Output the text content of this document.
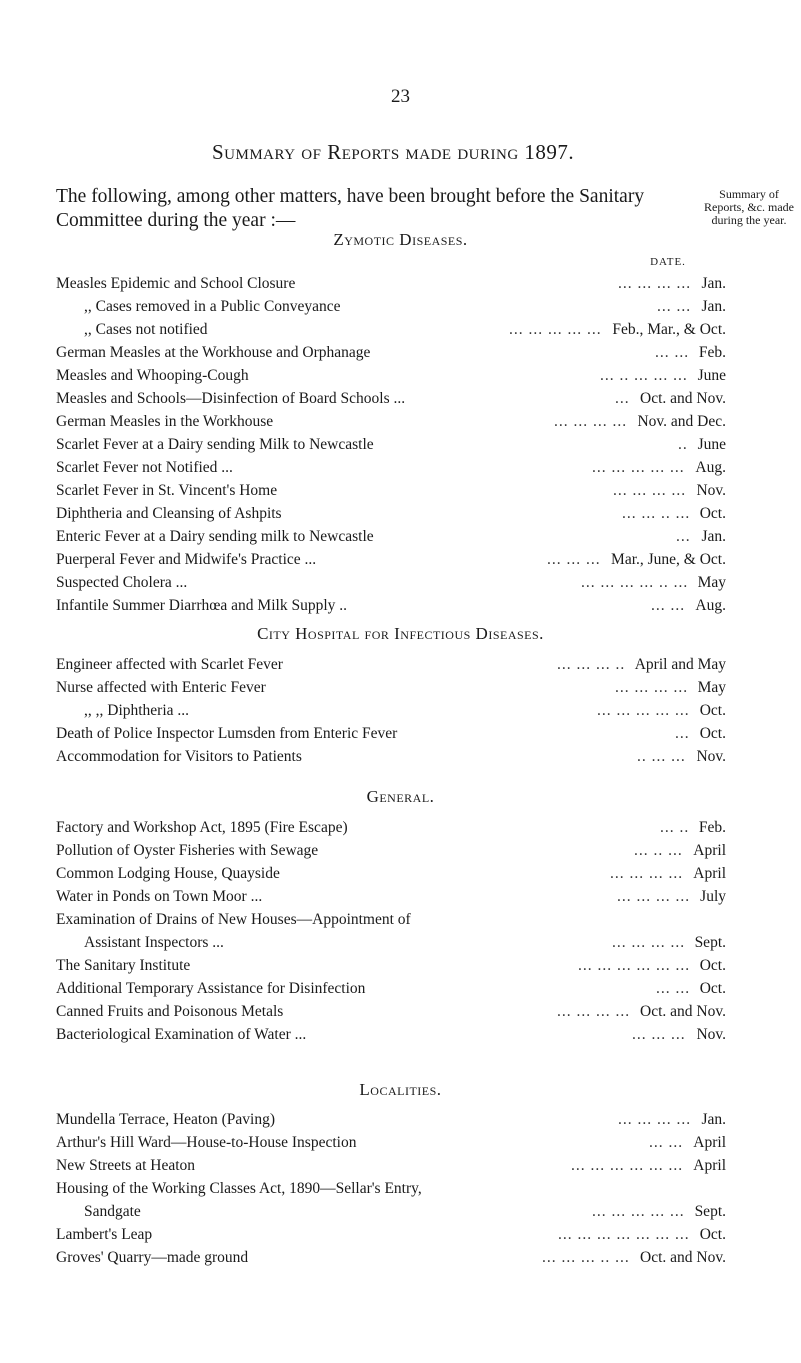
23
Summary of Reports made during 1897.
The following, among other matters, have been brought before the Sanitary Committee during the year :—
Summary of Reports, &c. made during the year.
Zymotic Diseases.
DATE.
Measles Epidemic and School Closure	... ... ... ... Jan.
,, Cases removed in a Public Conveyance	... ... Jan.
,, Cases not notified	... ... ... ... ... Feb., Mar., & Oct.
German Measles at the Workhouse and Orphanage	... ... Feb.
Measles and Whooping-Cough	... .. ... ... ... June
Measles and Schools—Disinfection of Board Schools ...	... Oct. and Nov.
German Measles in the Workhouse	... ... ... ... Nov. and Dec.
Scarlet Fever at a Dairy sending Milk to Newcastle	.. June
Scarlet Fever not Notified ...	... ... ... ... ... Aug.
Scarlet Fever in St. Vincent's Home	... ... ... ... Nov.
Diphtheria and Cleansing of Ashpits	... ... .. ... Oct.
Enteric Fever at a Dairy sending milk to Newcastle	... Jan.
Puerperal Fever and Midwife's Practice ...	... ... ... Mar., June, & Oct.
Suspected Cholera ...	... ... ... ... .. ... May
Infantile Summer Diarrhœa and Milk Supply ..	... ... Aug.
City Hospital for Infectious Diseases.
Engineer affected with Scarlet Fever	... ... ... .. April and May
Nurse affected with Enteric Fever	... ... ... ... May
,, ,, Diphtheria ...	... ... ... ... ... Oct.
Death of Police Inspector Lumsden from Enteric Fever	... Oct.
Accommodation for Visitors to Patients	.. ... ... Nov.
General.
Factory and Workshop Act, 1895 (Fire Escape)	... .. Feb.
Pollution of Oyster Fisheries with Sewage	... .. ... April
Common Lodging House, Quayside	... ... ... ... April
Water in Ponds on Town Moor ...	... ... ... ... July
Examination of Drains of New Houses—Appointment of
Assistant Inspectors ...	... ... ... ... Sept.
The Sanitary Institute	... ... ... ... ... ... Oct.
Additional Temporary Assistance for Disinfection	... ... Oct.
Canned Fruits and Poisonous Metals	... ... ... ... Oct. and Nov.
Bacteriological Examination of Water ...	... ... ... Nov.
Localities.
Mundella Terrace, Heaton (Paving)	... ... ... ... Jan.
Arthur's Hill Ward—House-to-House Inspection	... ... April
New Streets at Heaton	... ... ... ... ... ... April
Housing of the Working Classes Act, 1890—Sellar's Entry,
Sandgate	... ... ... ... ... Sept.
Lambert's Leap	... ... ... ... ... ... ... Oct.
Groves' Quarry—made ground	... ... ... .. ... Oct. and Nov.
